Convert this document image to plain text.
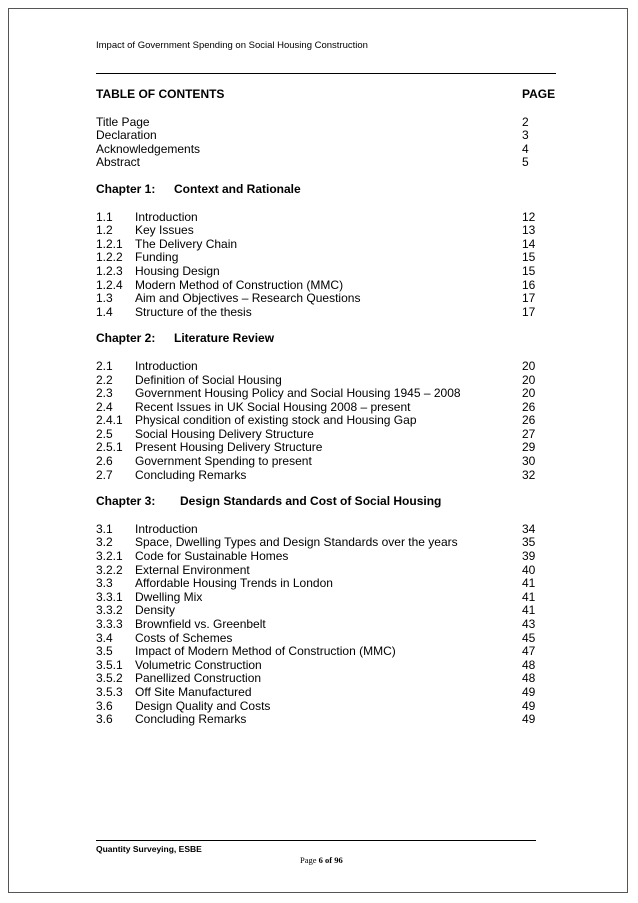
Impact of Government Spending on Social Housing Construction
TABLE OF CONTENTS	PAGE
Title Page	2
Declaration	3
Acknowledgements	4
Abstract	5
Chapter 1:	Context and Rationale
1.1	Introduction	12
1.2	Key Issues	13
1.2.1	The Delivery Chain	14
1.2.2	Funding	15
1.2.3	Housing Design	15
1.2.4	Modern Method of Construction (MMC)	16
1.3	Aim and Objectives – Research Questions	17
1.4	Structure of the thesis	17
Chapter 2:	Literature Review
2.1	Introduction	20
2.2	Definition of Social Housing	20
2.3	Government Housing Policy and Social Housing 1945 – 2008	20
2.4	Recent Issues in UK Social Housing 2008 – present	26
2.4.1	Physical condition of existing stock and Housing Gap	26
2.5	Social Housing Delivery Structure	27
2.5.1	Present Housing Delivery Structure	29
2.6	Government Spending to present	30
2.7	Concluding Remarks	32
Chapter 3:	Design Standards and Cost of Social Housing
3.1	Introduction	34
3.2	Space, Dwelling Types and Design Standards over the years	35
3.2.1	Code for Sustainable Homes	39
3.2.2	External Environment	40
3.3	Affordable Housing Trends in London	41
3.3.1	Dwelling Mix	41
3.3.2	Density	41
3.3.3	Brownfield vs. Greenbelt	43
3.4	Costs of Schemes	45
3.5	Impact of Modern Method of Construction (MMC)	47
3.5.1	Volumetric Construction	48
3.5.2	Panellized Construction	48
3.5.3	Off Site Manufactured	49
3.6	Design Quality and Costs	49
3.6	Concluding Remarks	49
Quantity Surveying, ESBE
Page 6 of 96
